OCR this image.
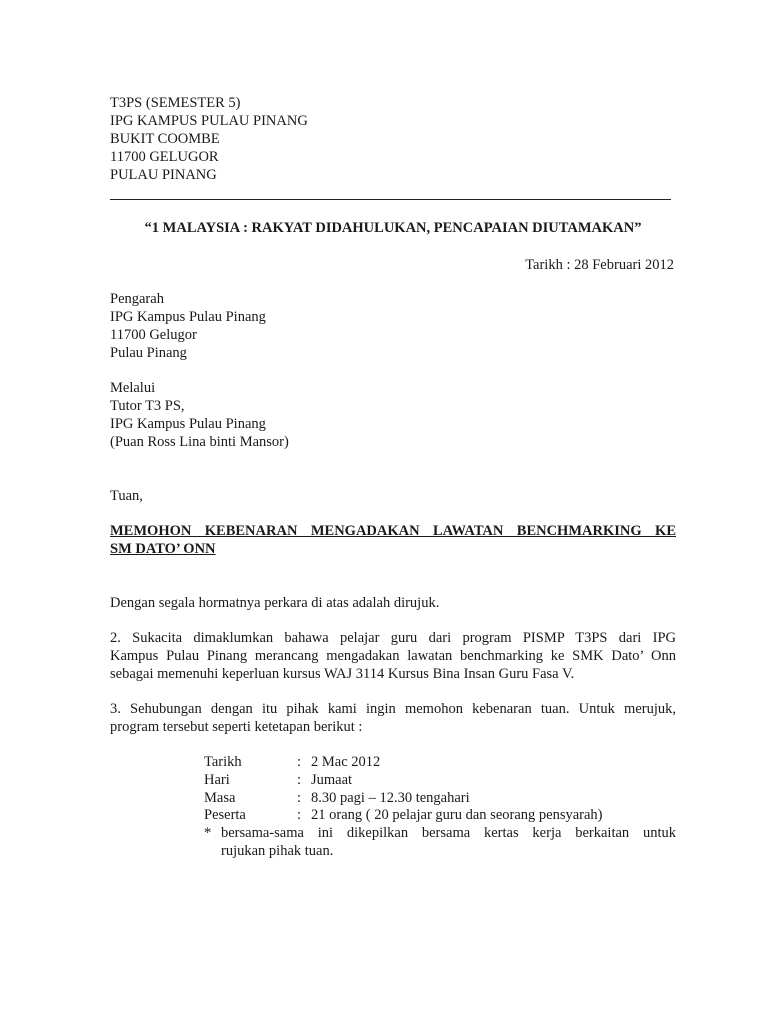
T3PS (SEMESTER 5)
IPG KAMPUS PULAU PINANG
BUKIT COOMBE
11700 GELUGOR
PULAU PINANG
“1 MALAYSIA : RAKYAT DIDAHULUKAN, PENCAPAIAN DIUTAMAKAN”
Tarikh : 28 Februari 2012
Pengarah
IPG Kampus Pulau Pinang
11700 Gelugor
Pulau Pinang
Melalui
Tutor T3 PS,
IPG Kampus Pulau Pinang
(Puan Ross Lina binti Mansor)
Tuan,
MEMOHON KEBENARAN MENGADAKAN LAWATAN BENCHMARKING KE
SM DATO’ ONN
Dengan segala hormatnya perkara di atas adalah dirujuk.
2. Sukacita dimaklumkan bahawa pelajar guru dari program PISMP T3PS dari IPG
Kampus Pulau Pinang merancang mengadakan lawatan benchmarking ke SMK Dato’ Onn
sebagai memenuhi keperluan kursus WAJ 3114 Kursus Bina Insan Guru Fasa V.
3. Sehubungan dengan itu pihak kami ingin memohon kebenaran tuan. Untuk merujuk,
program tersebut seperti ketetapan berikut :
Tarikh	: 2 Mac 2012
Hari	: Jumaat
Masa	: 8.30 pagi – 12.30 tengahari
Peserta	: 21 orang ( 20 pelajar guru dan seorang pensyarah)
* bersama-sama ini dikepilkan bersama kertas kerja berkaitan untuk
rujukan pihak tuan.
